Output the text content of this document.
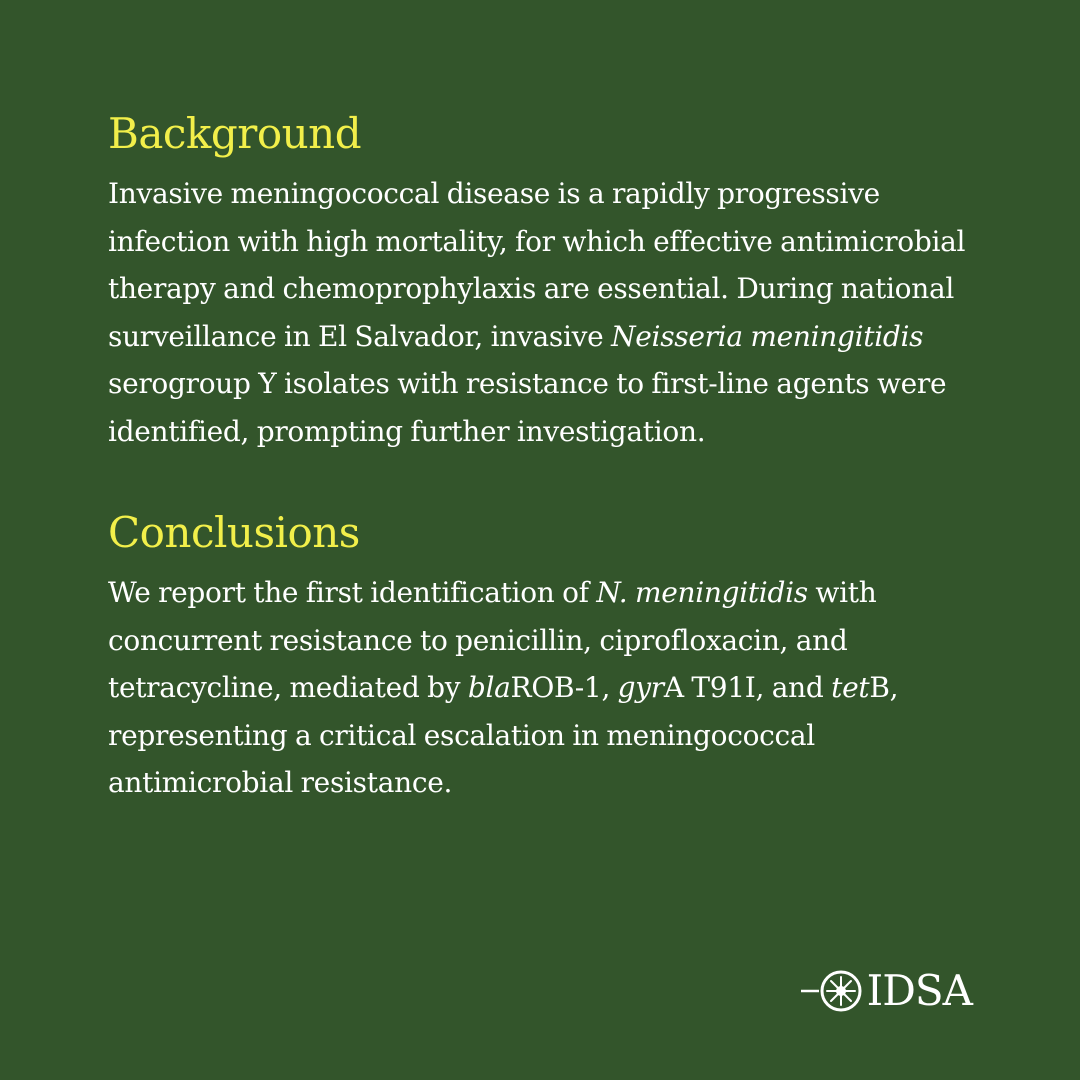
Background

Invasive meningococcal disease is a rapidly progressive infection with high mortality, for which effective antimicrobial therapy and chemoprophylaxis are essential. During national surveillance in El Salvador, invasive Neisseria meningitidis serogroup Y isolates with resistance to first-line agents were identified, prompting further investigation.

Conclusions

We report the first identification of N. meningitidis with concurrent resistance to penicillin, ciprofloxacin, and tetracycline, mediated by blaROB-1, gyrA T91I, and tetB, representing a critical escalation in meningococcal antimicrobial resistance.

IDSA
